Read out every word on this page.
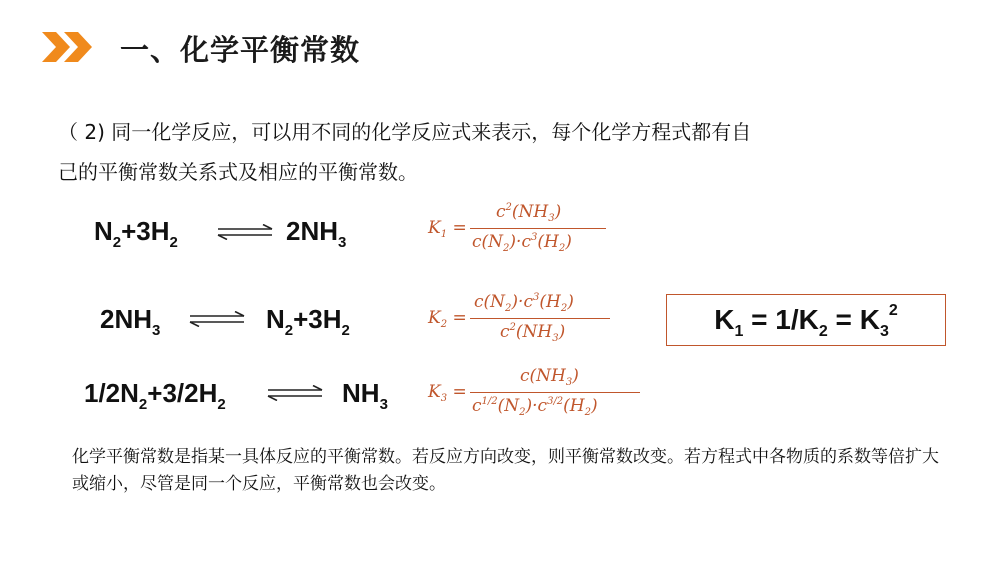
一、化学平衡常数
（ 2) 同一化学反应，可以用不同的化学反应式来表示，每个化学方程式都有自
己的平衡常数关系式及相应的平衡常数。
$N_2+3H_2$ ⇌ $2NH_3$
$2NH_3$ ⇌ $N_2+3H_2$
$1/2N_2+3/2H_2$ ⇌ $NH_3$
$K_1$ =
$c^2(NH_3)$
$c(N_2)\cdot c^3(H_2)$
$K_2$ =
$c(N_2)\cdot c^3(H_2)$
$c^2(NH_3)$
$K_3$ =
$c(NH_3)$
$c^{1/2}(N_2)\cdot c^{3/2}(H_2)$
$K_1 = 1/K_2 = K_3^2$
化学平衡常数是指某一具体反应的平衡常数。若反应方向改变，则平衡常数改变。若方程式中各物质的系数等倍扩大或缩小，尽管是同一个反应，平衡常数也会改变。
